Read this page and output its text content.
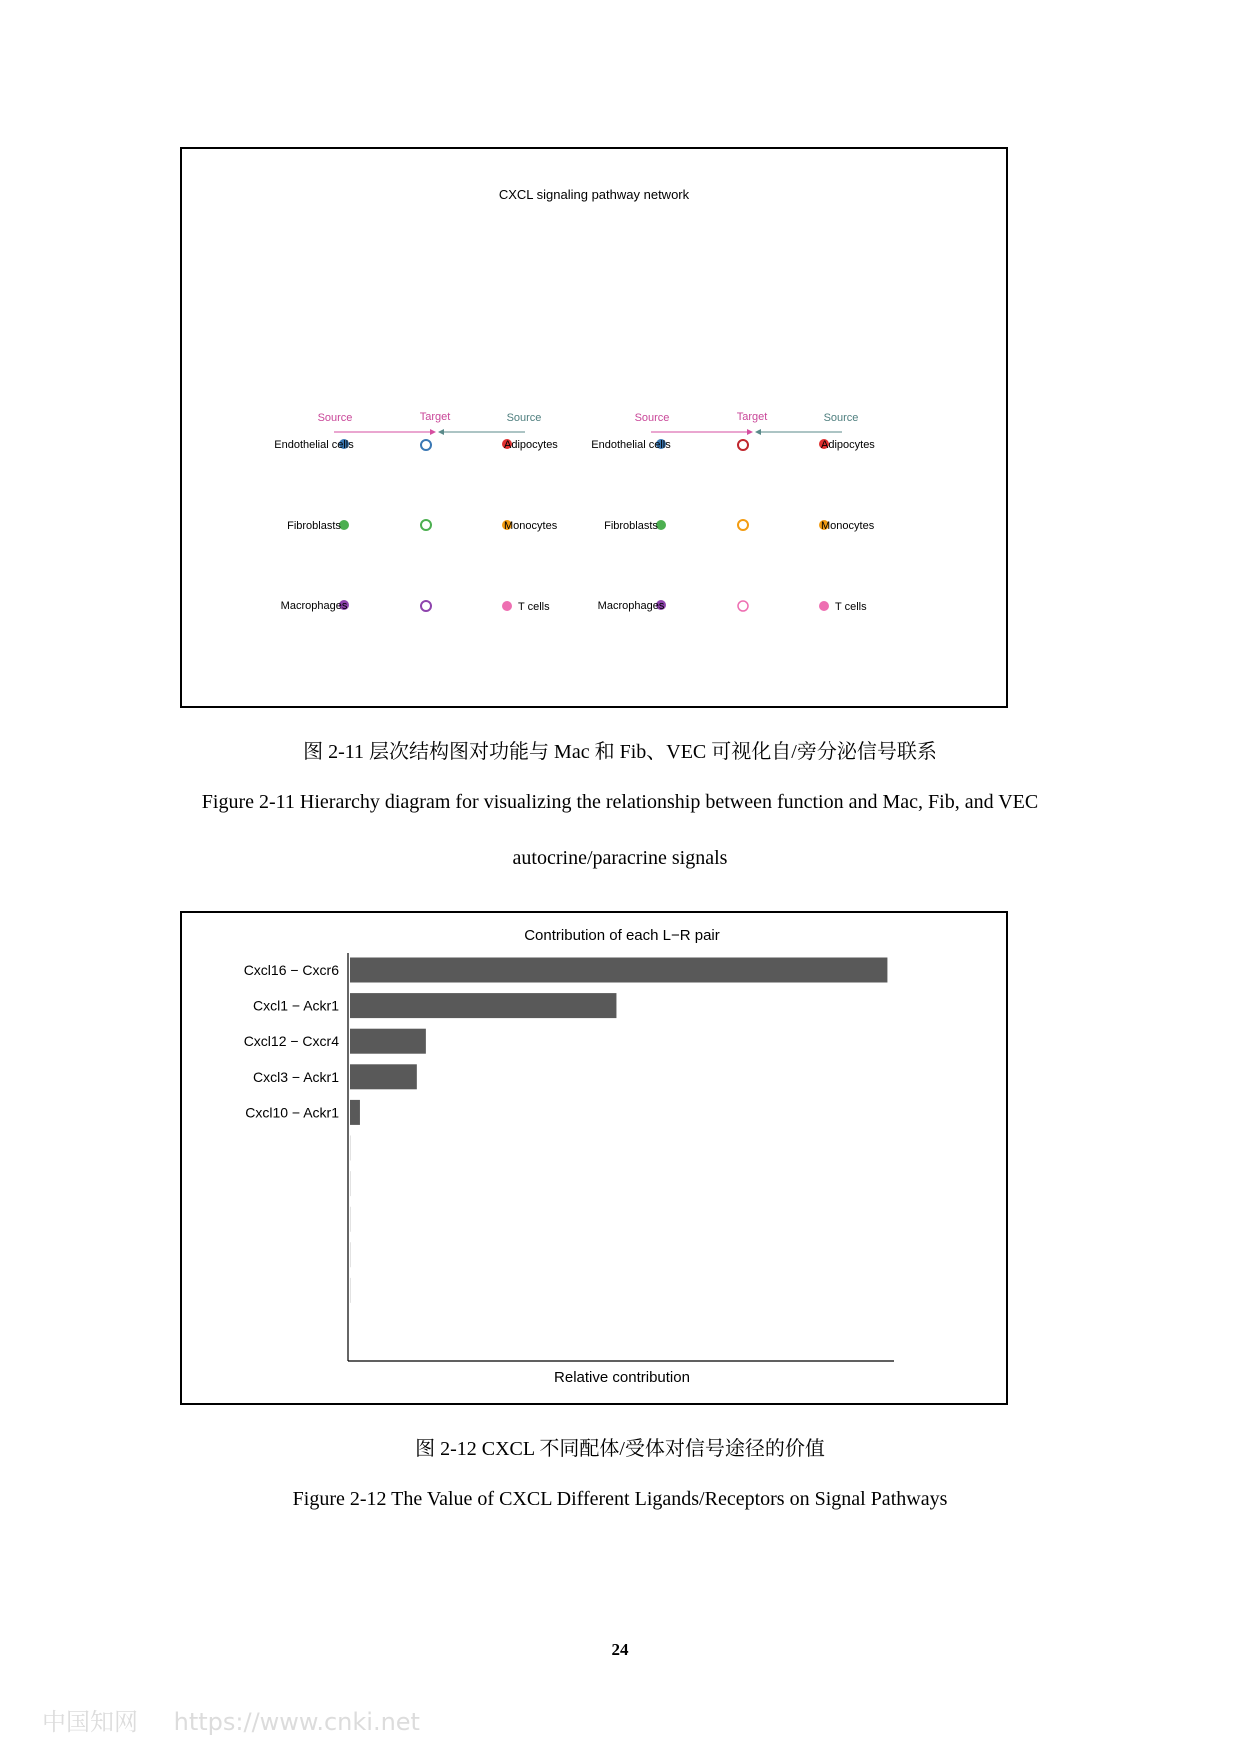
CXCL signaling pathway network
Source	Target	Source
Endothelial cells
Fibroblasts
Macrophages
Adipocytes
Monocytes
T cells
Source	Target	Source
Endothelial cells
Fibroblasts
Macrophages
Adipocytes
Monocytes
T cells
图 2-11 层次结构图对功能与 Mac 和 Fib、VEC 可视化自/旁分泌信号联系
Figure 2-11 Hierarchy diagram for visualizing the relationship between function and Mac, Fib, and VEC
autocrine/paracrine signals
Contribution of each L−R pair
Cxcl16 − Cxcr6
Cxcl1 − Ackr1
Cxcl12 − Cxcr4
Cxcl3 − Ackr1
Cxcl10 − Ackr1
Relative contribution
图 2-12 CXCL 不同配体/受体对信号途径的价值
Figure 2-12 The Value of CXCL Different Ligands/Receptors on Signal Pathways
24
中国知网 https://www.cnki.net
